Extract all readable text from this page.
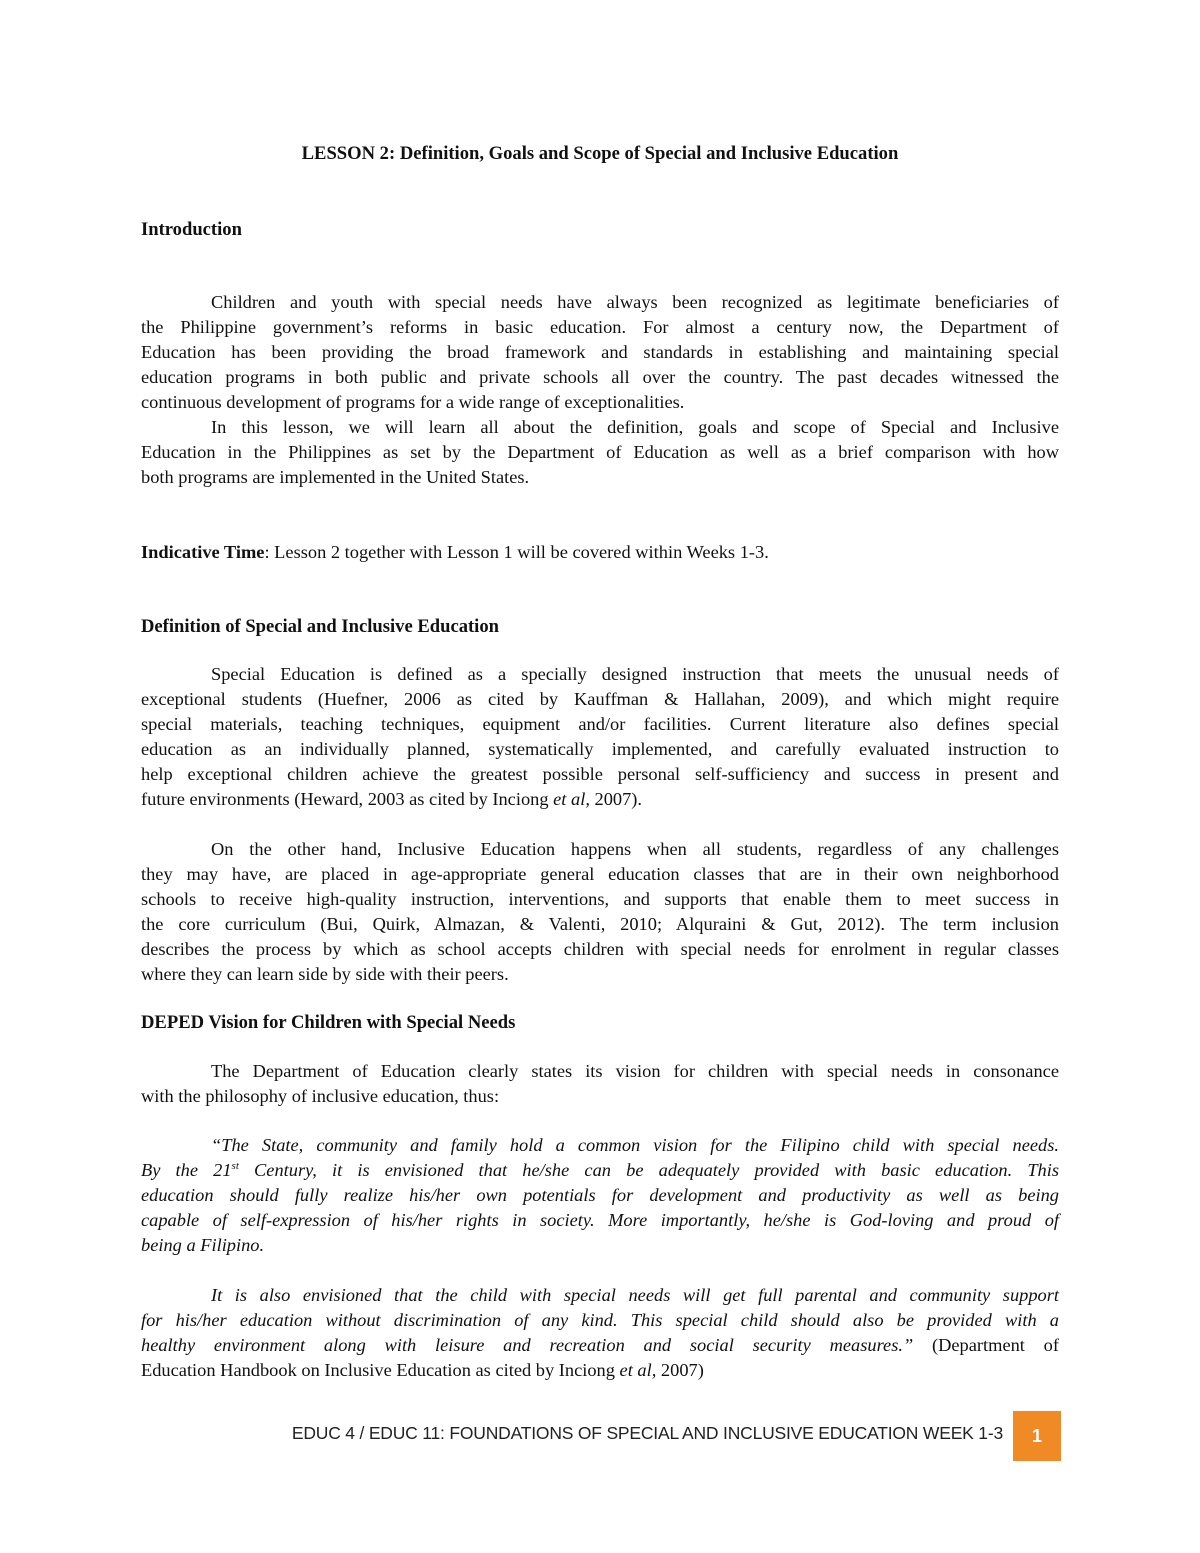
LESSON 2: Definition, Goals and Scope of Special and Inclusive Education
Introduction
Children and youth with special needs have always been recognized as legitimate beneficiaries of
the Philippine government’s reforms in basic education. For almost a century now, the Department of
Education has been providing the broad framework and standards in establishing and maintaining special
education programs in both public and private schools all over the country. The past decades witnessed the
continuous development of programs for a wide range of exceptionalities.
In this lesson, we will learn all about the definition, goals and scope of Special and Inclusive
Education in the Philippines as set by the Department of Education as well as a brief comparison with how
both programs are implemented in the United States.
Indicative Time: Lesson 2 together with Lesson 1 will be covered within Weeks 1-3.
Definition of Special and Inclusive Education
Special Education is defined as a specially designed instruction that meets the unusual needs of
exceptional students (Huefner, 2006 as cited by Kauffman & Hallahan, 2009), and which might require
special materials, teaching techniques, equipment and/or facilities. Current literature also defines special
education as an individually planned, systematically implemented, and carefully evaluated instruction to
help exceptional children achieve the greatest possible personal self-sufficiency and success in present and
future environments (Heward, 2003 as cited by Inciong et al, 2007).
On the other hand, Inclusive Education happens when all students, regardless of any challenges
they may have, are placed in age-appropriate general education classes that are in their own neighborhood
schools to receive high-quality instruction, interventions, and supports that enable them to meet success in
the core curriculum (Bui, Quirk, Almazan, & Valenti, 2010; Alquraini & Gut, 2012). The term inclusion
describes the process by which as school accepts children with special needs for enrolment in regular classes
where they can learn side by side with their peers.
DEPED Vision for Children with Special Needs
The Department of Education clearly states its vision for children with special needs in consonance
with the philosophy of inclusive education, thus:
“The State, community and family hold a common vision for the Filipino child with special needs.
By the 21st Century, it is envisioned that he/she can be adequately provided with basic education. This
education should fully realize his/her own potentials for development and productivity as well as being
capable of self-expression of his/her rights in society. More importantly, he/she is God-loving and proud of
being a Filipino.
It is also envisioned that the child with special needs will get full parental and community support
for his/her education without discrimination of any kind. This special child should also be provided with a
healthy environment along with leisure and recreation and social security measures.” (Department of
Education Handbook on Inclusive Education as cited by Inciong et al, 2007)
EDUC 4 / EDUC 11: FOUNDATIONS OF SPECIAL AND INCLUSIVE EDUCATION WEEK 1-3	1
